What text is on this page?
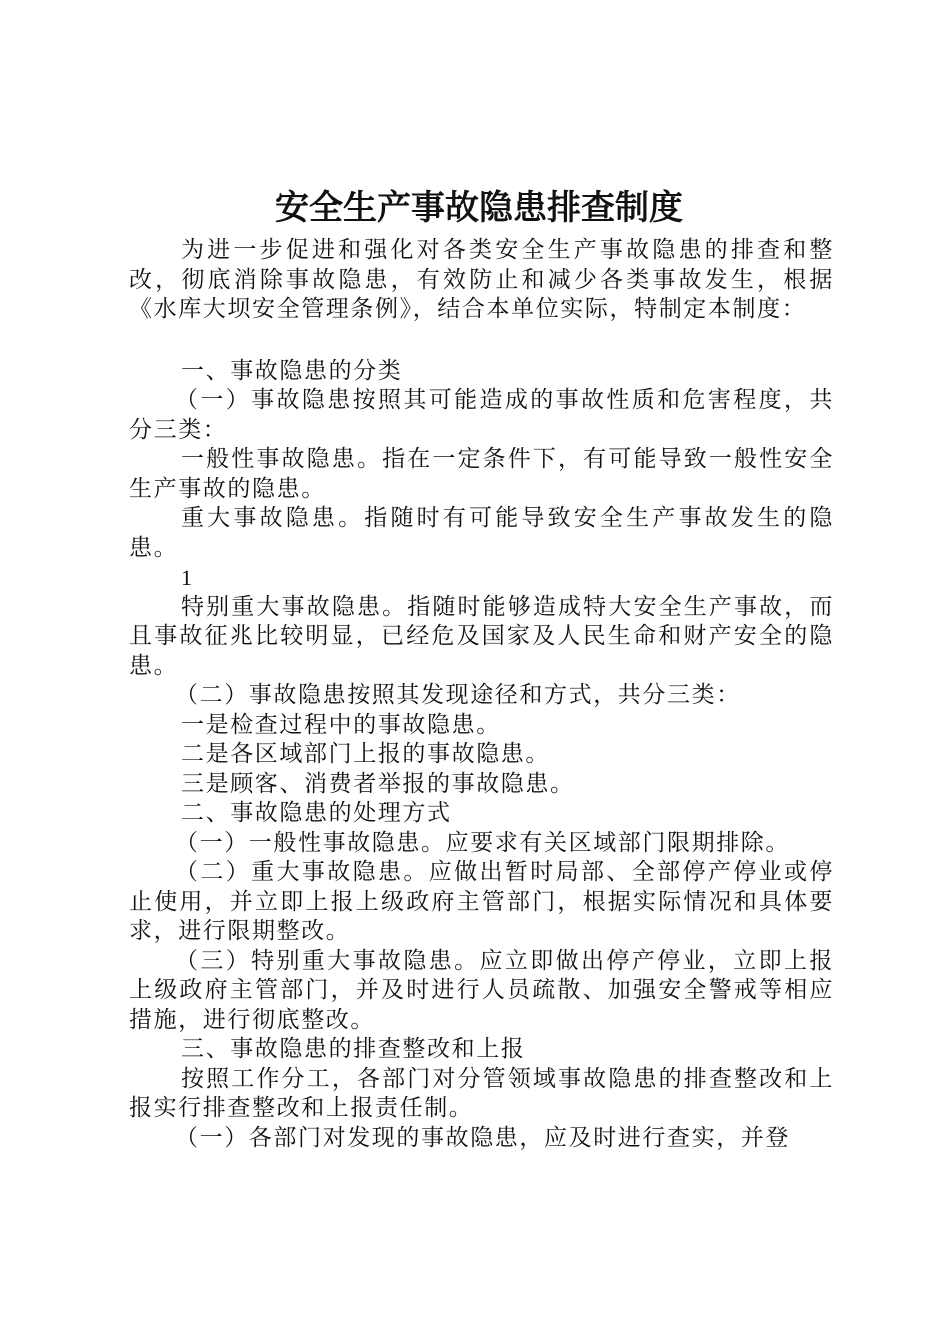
安全生产事故隐患排查制度

为进一步促进和强化对各类安全生产事故隐患的排查和整改，彻底消除事故隐患，有效防止和减少各类事故发生，根据《水库大坝安全管理条例》，结合本单位实际，特制定本制度：

一、事故隐患的分类

（一）事故隐患按照其可能造成的事故性质和危害程度，共分三类：

一般性事故隐患。指在一定条件下，有可能导致一般性安全生产事故的隐患。

重大事故隐患。指随时有可能导致安全生产事故发生的隐患。

1

特别重大事故隐患。指随时能够造成特大安全生产事故，而且事故征兆比较明显，已经危及国家及人民生命和财产安全的隐患。

（二）事故隐患按照其发现途径和方式，共分三类：

一是检查过程中的事故隐患。

二是各区域部门上报的事故隐患。

三是顾客、消费者举报的事故隐患。

二、事故隐患的处理方式

（一）一般性事故隐患。应要求有关区域部门限期排除。

（二）重大事故隐患。应做出暂时局部、全部停产停业或停止使用，并立即上报上级政府主管部门，根据实际情况和具体要求，进行限期整改。

（三）特别重大事故隐患。应立即做出停产停业，立即上报上级政府主管部门，并及时进行人员疏散、加强安全警戒等相应措施，进行彻底整改。

三、事故隐患的排查整改和上报

按照工作分工，各部门对分管领域事故隐患的排查整改和上报实行排查整改和上报责任制。

（一）各部门对发现的事故隐患，应及时进行查实，并登
